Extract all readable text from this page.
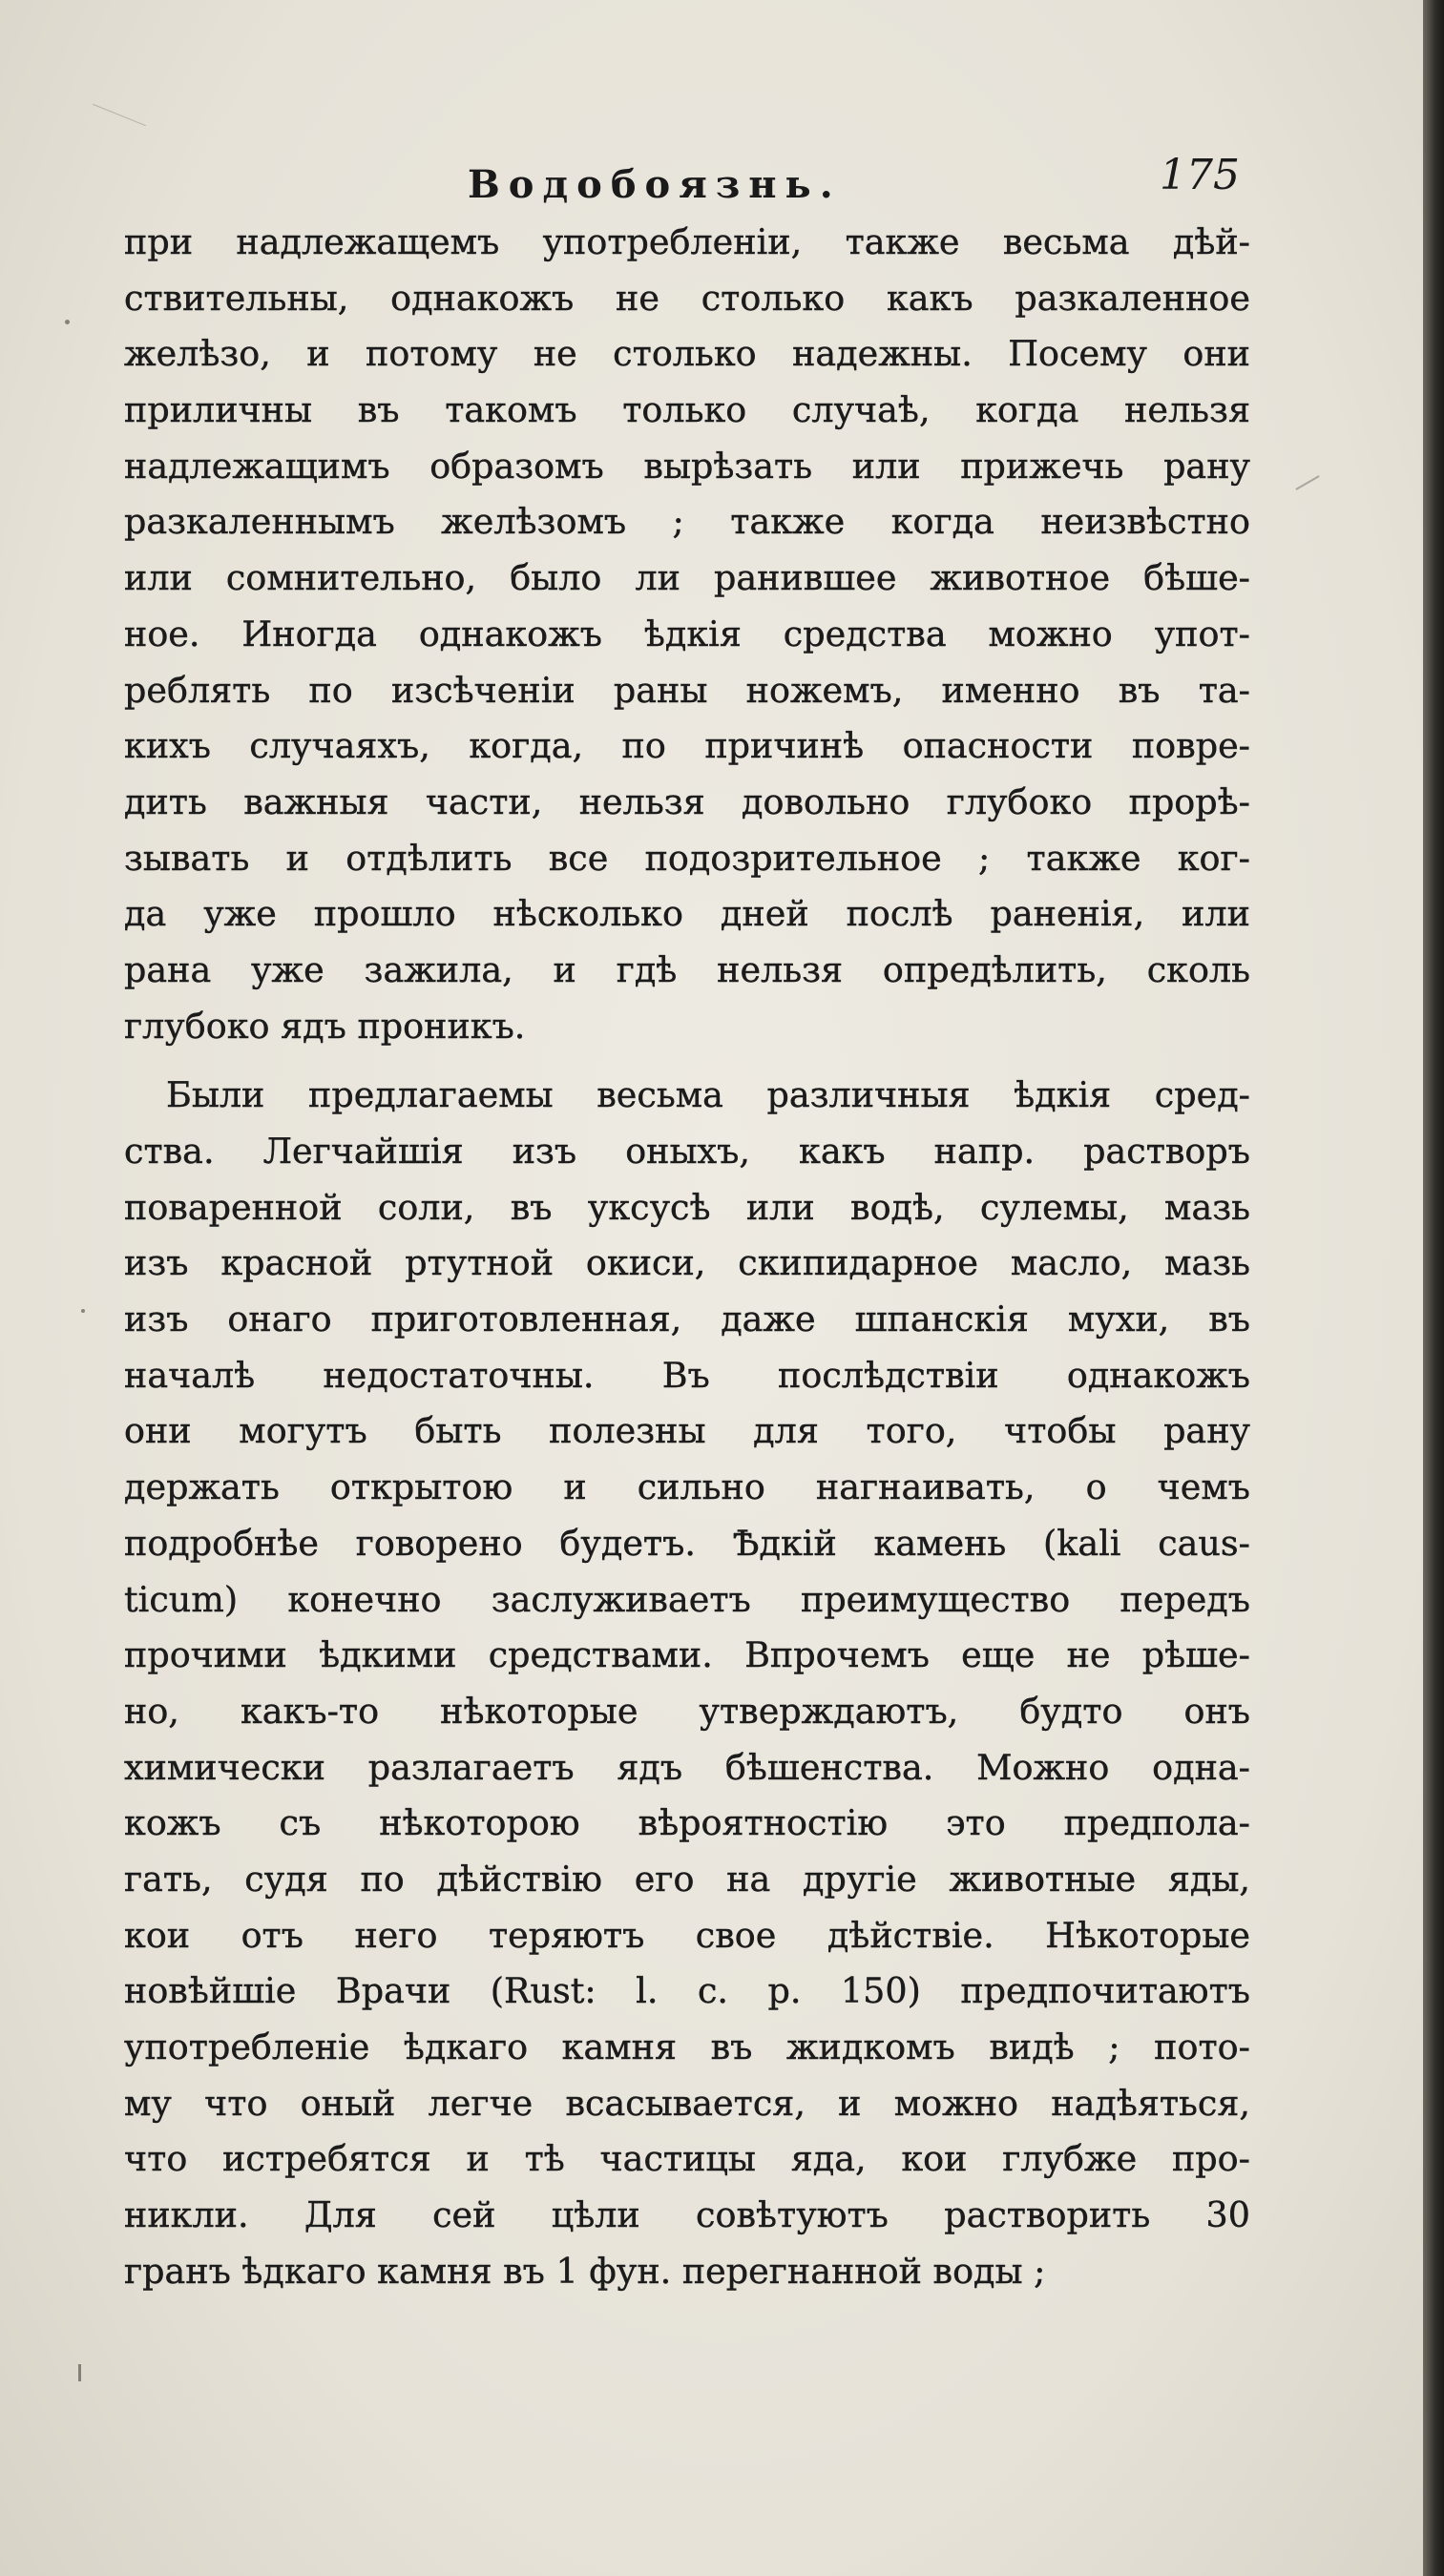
Водобоязнь.	175
при надлежащемъ употребленіи, также весьма дѣй-
ствительны, однакожъ не столько какъ разкаленное
желѣзо, и потому не столько надежны. Посему они
приличны въ такомъ только случаѣ, когда нельзя
надлежащимъ образомъ вырѣзать или прижечь рану
разкаленнымъ желѣзомъ ; также когда неизвѣстно
или сомнительно, было ли ранившее животное бѣше-
ное. Иногда однакожъ ѣдкія средства можно упот-
реблять по изсѣченіи раны ножемъ, именно въ та-
кихъ случаяхъ, когда, по причинѣ опасности повре-
дить важныя части, нельзя довольно глубоко прорѣ-
зывать и отдѣлить все подозрительное ; также ког-
да уже прошло нѣсколько дней послѣ раненія, или
рана уже зажила, и гдѣ нельзя опредѣлить, сколь
глубоко ядъ проникъ.
Были предлагаемы весьма различныя ѣдкія сред-
ства. Легчайшія изъ оныхъ, какъ напр. растворъ
поваренной соли, въ уксусѣ или водѣ, сулемы, мазь
изъ красной ртутной окиси, скипидарное масло, мазь
изъ онаго приготовленная, даже шпанскія мухи, въ
началѣ недостаточны. Въ послѣдствіи однакожъ
они могутъ быть полезны для того, чтобы рану
держать открытою и сильно нагнаивать, о чемъ
подробнѣе говорено будетъ. Ѣдкій камень (kali caus-
ticum) конечно заслуживаетъ преимущество передъ
прочими ѣдкими средствами. Впрочемъ еще не рѣше-
но, какъ-то нѣкоторые утверждаютъ, будто онъ
химически разлагаетъ ядъ бѣшенства. Можно одна-
кожъ съ нѣкоторою вѣроятностію это предпола-
гать, судя по дѣйствію его на другіе животные яды,
кои отъ него теряютъ свое дѣйствіе. Нѣкоторые
новѣйшіе Врачи (Rust: l. c. p. 150) предпочитаютъ
употребленіе ѣдкаго камня въ жидкомъ видѣ ; пото-
му что оный легче всасывается, и можно надѣяться,
что истребятся и тѣ частицы яда, кои глубже про-
никли. Для сей цѣли совѣтуютъ растворить 30
гранъ ѣдкаго камня въ 1 фун. перегнанной воды ;
